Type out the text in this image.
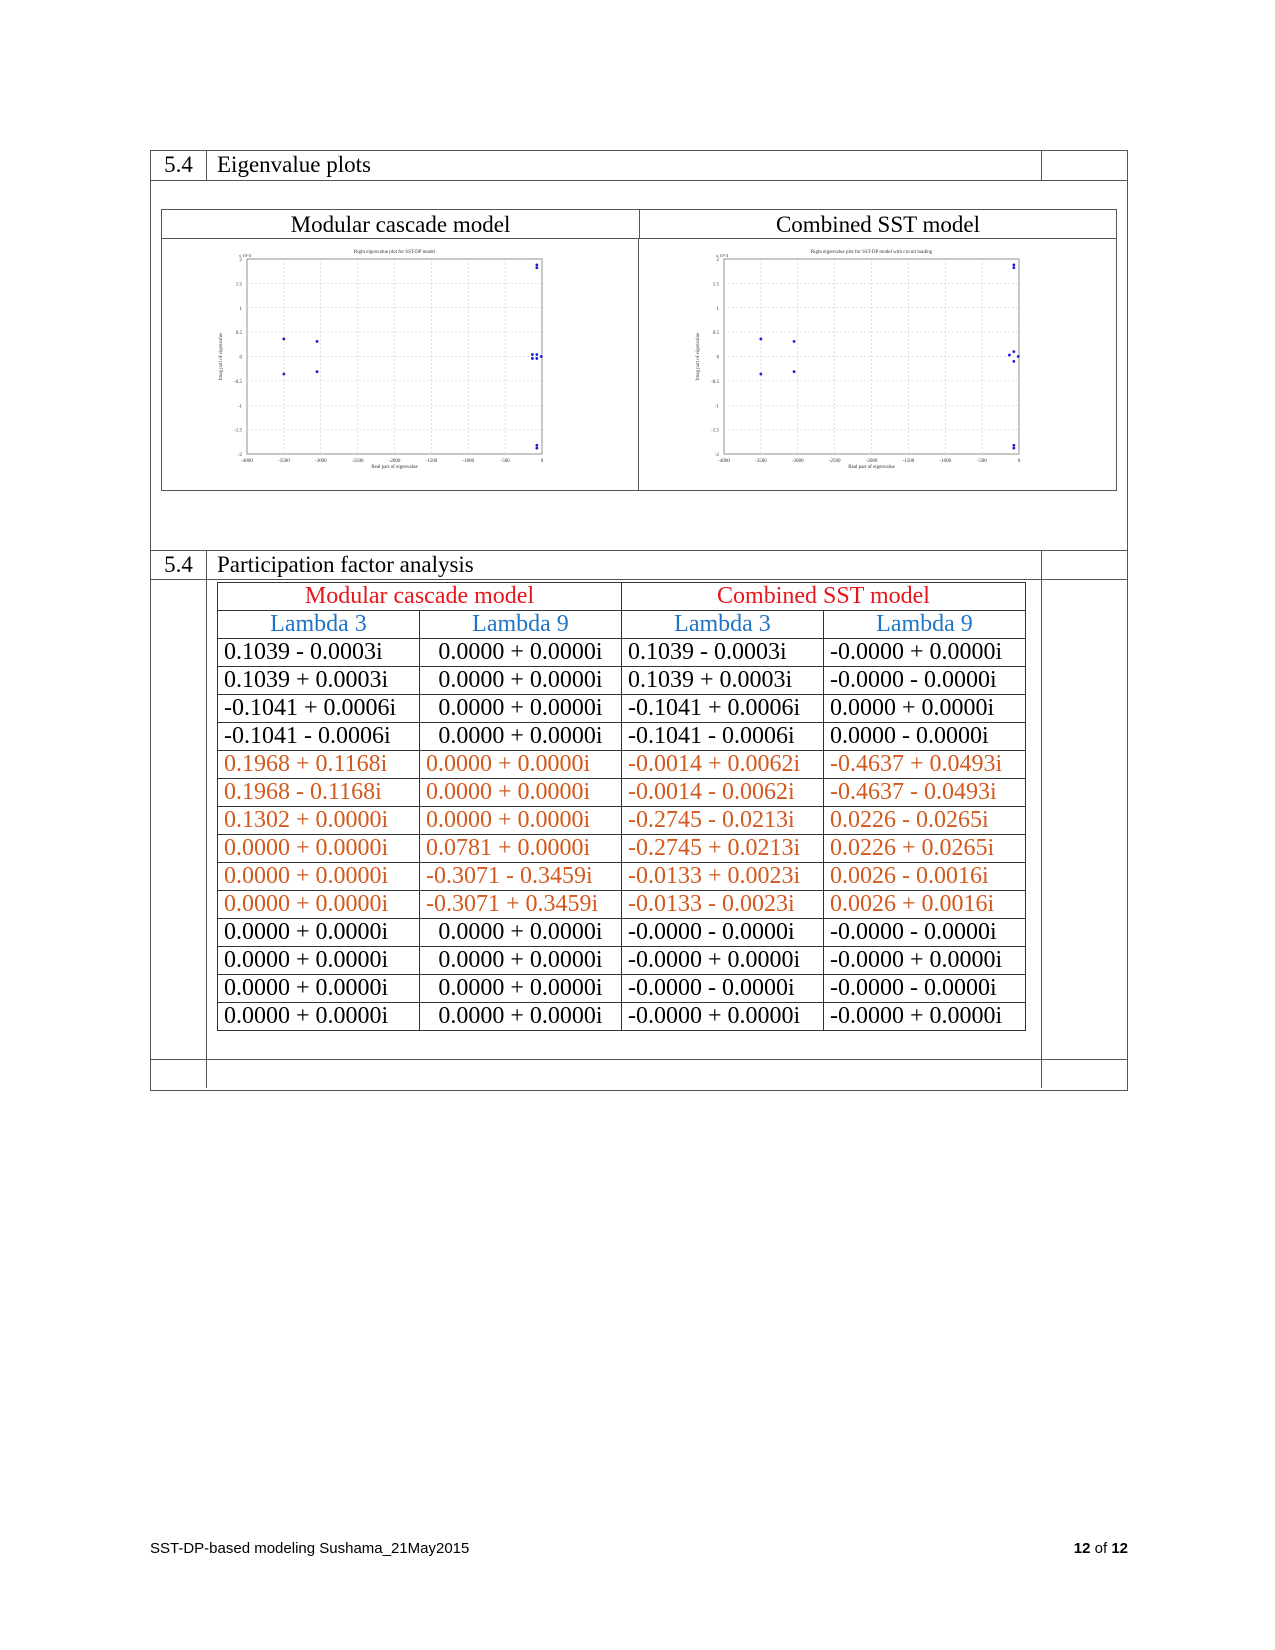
5.4	Eigenvalue plots
Modular cascade model	Combined SST model
-4000	-3500	-3000	-2500	-2000	-1500	-1000	-500	0
2
1.5
1
0.5
0
-0.5
-1
-1.5
-2
Right eigenvalue plot for SST-DP model
Real part of eigenvalue
Imag part of eigenvalue
x 10^4
-4000	-3500	-3000	-2500	-2000	-1500	-1000	-500	0
2
1.5
1
0.5
0
-0.5
-1
-1.5
-2
Right eigenvalue plot for SST-DP model with circuit loading
Real part of eigenvalue
Imag part of eigenvalue
x 10^4
5.4	Participation factor analysis
Modular cascade model		Combined SST model	
Lambda 3	Lambda 9	Lambda 3	Lambda 9
0.1039 - 0.0003i	0.0000 + 0.0000i	0.1039 - 0.0003i	-0.0000 + 0.0000i
0.1039 + 0.0003i	0.0000 + 0.0000i	0.1039 + 0.0003i	-0.0000 - 0.0000i
-0.1041 + 0.0006i	0.0000 + 0.0000i	-0.1041 + 0.0006i	0.0000 + 0.0000i
-0.1041 - 0.0006i	0.0000 + 0.0000i	-0.1041 - 0.0006i	0.0000 - 0.0000i
0.1968 + 0.1168i	0.0000 + 0.0000i	-0.0014 + 0.0062i	-0.4637 + 0.0493i
0.1968 - 0.1168i	0.0000 + 0.0000i	-0.0014 - 0.0062i	-0.4637 - 0.0493i
0.1302 + 0.0000i	0.0000 + 0.0000i	-0.2745 - 0.0213i	0.0226 - 0.0265i
0.0000 + 0.0000i	0.0781 + 0.0000i	-0.2745 + 0.0213i	0.0226 + 0.0265i
0.0000 + 0.0000i	-0.3071 - 0.3459i	-0.0133 + 0.0023i	0.0026 - 0.0016i
0.0000 + 0.0000i	-0.3071 + 0.3459i	-0.0133 - 0.0023i	0.0026 + 0.0016i
0.0000 + 0.0000i	0.0000 + 0.0000i	-0.0000 - 0.0000i	-0.0000 - 0.0000i
0.0000 + 0.0000i	0.0000 + 0.0000i	-0.0000 + 0.0000i	-0.0000 + 0.0000i
0.0000 + 0.0000i	0.0000 + 0.0000i	-0.0000 - 0.0000i	-0.0000 - 0.0000i
0.0000 + 0.0000i	0.0000 + 0.0000i	-0.0000 + 0.0000i	-0.0000 + 0.0000i
SST-DP-based modeling Sushama_21May2015	12 of 12
